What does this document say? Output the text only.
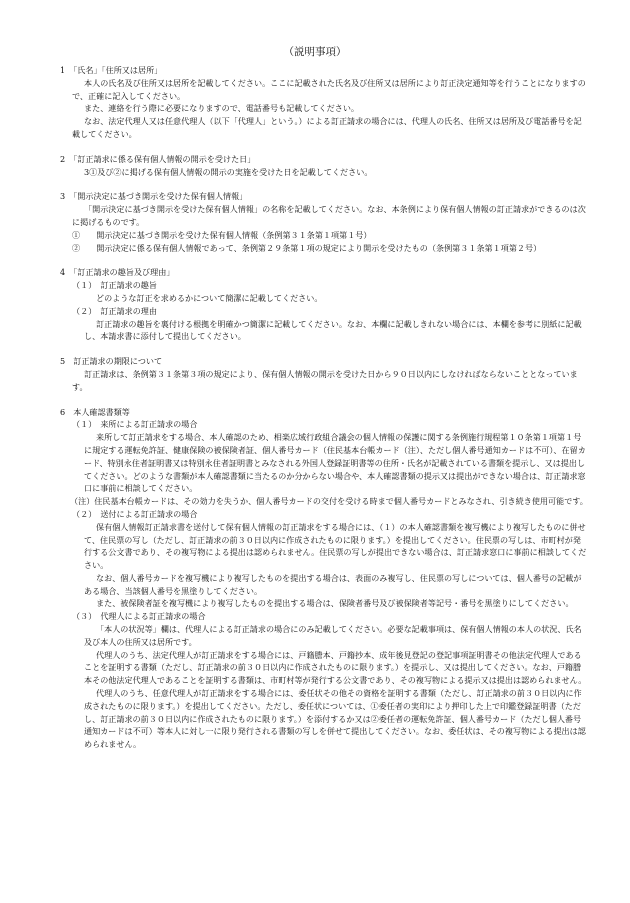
（説明事項）

1　「氏名」「住所又は居所」

本人の氏名及び住所又は居所を記載してください。ここに記載された氏名及び住所又は居所により訂正決定通知等を行うことになりますので、正確に記入してください。

また、連絡を行う際に必要になりますので、電話番号も記載してください。

なお、法定代理人又は任意代理人（以下「代理人」という。）による訂正請求の場合には、代理人の氏名、住所又は居所及び電話番号を記載してください。

2　「訂正請求に係る保有個人情報の開示を受けた日」

3①及び②に掲げる保有個人情報の開示の実施を受けた日を記載してください。

3　「開示決定に基づき開示を受けた保有個人情報」

「開示決定に基づき開示を受けた保有個人情報」の名称を記載してください。なお、本条例により保有個人情報の訂正請求ができるのは次に掲げるものです。

①　　開示決定に基づき開示を受けた保有個人情報（条例第３１条第１項第１号）

②　　開示決定に係る保有個人情報であって、条例第２９条第１項の規定により開示を受けたもの（条例第３１条第１項第２号）

4　「訂正請求の趣旨及び理由」

（１）　訂正請求の趣旨

どのような訂正を求めるかについて簡潔に記載してください。

（２）　訂正請求の理由

訂正請求の趣旨を裏付ける根拠を明確かつ簡潔に記載してください。なお、本欄に記載しきれない場合には、本欄を参考に別紙に記載し、本請求書に添付して提出してください。

5　訂正請求の期限について

訂正請求は、条例第３１条第３項の規定により、保有個人情報の開示を受けた日から９０日以内にしなければならないこととなっています。

6　本人確認書類等

（１）　来所による訂正請求の場合

来所して訂正請求をする場合、本人確認のため、相楽広域行政組合議会の個人情報の保護に関する条例施行規程第１０条第１項第１号に規定する運転免許証、健康保険の被保険者証、個人番号カード（住民基本台帳カード（注）、ただし個人番号通知カードは不可）、在留カード、特別永住者証明書又は特別永住者証明書とみなされる外国人登録証明書等の住所・氏名が記載されている書類を提示し、又は提出してください。どのような書類が本人確認書類に当たるのか分からない場合や、本人確認書類の提示又は提出ができない場合は、訂正請求窓口に事前に相談してください。

（注）住民基本台帳カードは、その効力を失うか、個人番号カードの交付を受ける時まで個人番号カードとみなされ、引き続き使用可能です。

（２）　送付による訂正請求の場合

保有個人情報訂正請求書を送付して保有個人情報の訂正請求をする場合には、（１）の本人確認書類を複写機により複写したものに併せて、住民票の写し（ただし、訂正請求の前３０日以内に作成されたものに限ります。）を提出してください。住民票の写しは、市町村が発行する公文書であり、その複写物による提出は認められません。住民票の写しが提出できない場合は、訂正請求窓口に事前に相談してください。

なお、個人番号カードを複写機により複写したものを提出する場合は、表面のみ複写し、住民票の写しについては、個人番号の記載がある場合、当該個人番号を黒塗りしてください。

また、被保険者証を複写機により複写したものを提出する場合は、保険者番号及び被保険者等記号・番号を黒塗りにしてください。

（３）　代理人による訂正請求の場合

「本人の状況等」欄は、代理人による訂正請求の場合にのみ記載してください。必要な記載事項は、保有個人情報の本人の状況、氏名及び本人の住所又は居所です。

代理人のうち、法定代理人が訂正請求をする場合には、戸籍謄本、戸籍抄本、成年後見登記の登記事項証明書その他法定代理人であることを証明する書類（ただし、訂正請求の前３０日以内に作成されたものに限ります。）を提示し、又は提出してください。なお、戸籍謄本その他法定代理人であることを証明する書類は、市町村等が発行する公文書であり、その複写物による提示又は提出は認められません。

代理人のうち、任意代理人が訂正請求をする場合には、委任状その他その資格を証明する書類（ただし、訂正請求の前３０日以内に作成されたものに限ります。）を提出してください。ただし、委任状については、①委任者の実印により押印した上で印鑑登録証明書（ただし、訂正請求の前３０日以内に作成されたものに限ります。）を添付するか又は②委任者の運転免許証、個人番号カード（ただし個人番号通知カードは不可）等本人に対し一に限り発行される書類の写しを併せて提出してください。なお、委任状は、その複写物による提出は認められません。
